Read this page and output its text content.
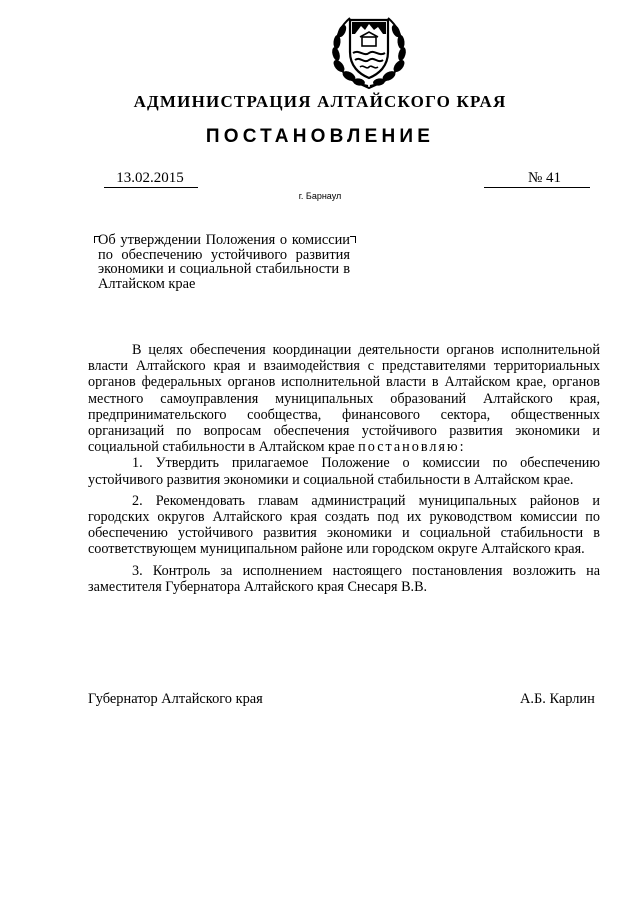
АДМИНИСТРАЦИЯ АЛТАЙСКОГО КРАЯ
ПОСТАНОВЛЕНИЕ
13.02.2015	№ 41
г. Барнаул
Об утверждении Положения о комиссии по обеспечению устойчивого развития экономики и социальной стабильности в Алтайском крае

В целях обеспечения координации деятельности органов исполнительной власти Алтайского края и взаимодействия с представителями территориальных органов федеральных органов исполнительной власти в Алтайском крае, органов местного самоуправления муниципальных образований Алтайского края, предпринимательского сообщества, финансового сектора, общественных организаций по вопросам обеспечения устойчивого развития экономики и социальной стабильности в Алтайском крае постановляю:

1. Утвердить прилагаемое Положение о комиссии по обеспечению устойчивого развития экономики и социальной стабильности в Алтайском крае.

2. Рекомендовать главам администраций муниципальных районов и городских округов Алтайского края создать под их руководством комиссии по обеспечению устойчивого развития экономики и социальной стабильности в соответствующем муниципальном районе или городском округе Алтайского края.

3. Контроль за исполнением настоящего постановления возложить на заместителя Губернатора Алтайского края Снесаря В.В.

Губернатор Алтайского края	А.Б. Карлин
